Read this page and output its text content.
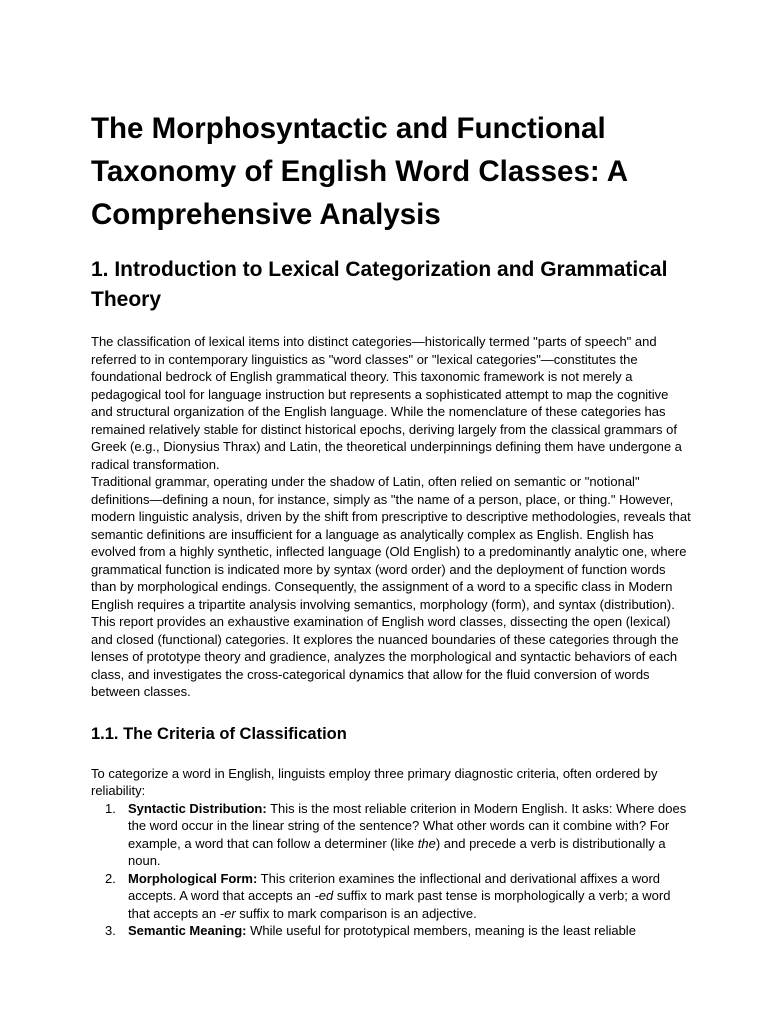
The Morphosyntactic and Functional Taxonomy of English Word Classes: A Comprehensive Analysis
1. Introduction to Lexical Categorization and Grammatical Theory

The classification of lexical items into distinct categories—historically termed "parts of speech" and referred to in contemporary linguistics as "word classes" or "lexical categories"—constitutes the foundational bedrock of English grammatical theory. This taxonomic framework is not merely a pedagogical tool for language instruction but represents a sophisticated attempt to map the cognitive and structural organization of the English language. While the nomenclature of these categories has remained relatively stable for distinct historical epochs, deriving largely from the classical grammars of Greek (e.g., Dionysius Thrax) and Latin, the theoretical underpinnings defining them have undergone a radical transformation.

Traditional grammar, operating under the shadow of Latin, often relied on semantic or "notional" definitions—defining a noun, for instance, simply as "the name of a person, place, or thing." However, modern linguistic analysis, driven by the shift from prescriptive to descriptive methodologies, reveals that semantic definitions are insufficient for a language as analytically complex as English. English has evolved from a highly synthetic, inflected language (Old English) to a predominantly analytic one, where grammatical function is indicated more by syntax (word order) and the deployment of function words than by morphological endings. Consequently, the assignment of a word to a specific class in Modern English requires a tripartite analysis involving semantics, morphology (form), and syntax (distribution).

This report provides an exhaustive examination of English word classes, dissecting the open (lexical) and closed (functional) categories. It explores the nuanced boundaries of these categories through the lenses of prototype theory and gradience, analyzes the morphological and syntactic behaviors of each class, and investigates the cross-categorical dynamics that allow for the fluid conversion of words between classes.

1.1. The Criteria of Classification

To categorize a word in English, linguists employ three primary diagnostic criteria, often ordered by reliability:

1. Syntactic Distribution: This is the most reliable criterion in Modern English. It asks: Where does the word occur in the linear string of the sentence? What other words can it combine with? For example, a word that can follow a determiner (like the) and precede a verb is distributionally a noun.
2. Morphological Form: This criterion examines the inflectional and derivational affixes a word accepts. A word that accepts an -ed suffix to mark past tense is morphologically a verb; a word that accepts an -er suffix to mark comparison is an adjective.
3. Semantic Meaning: While useful for prototypical members, meaning is the least reliable
